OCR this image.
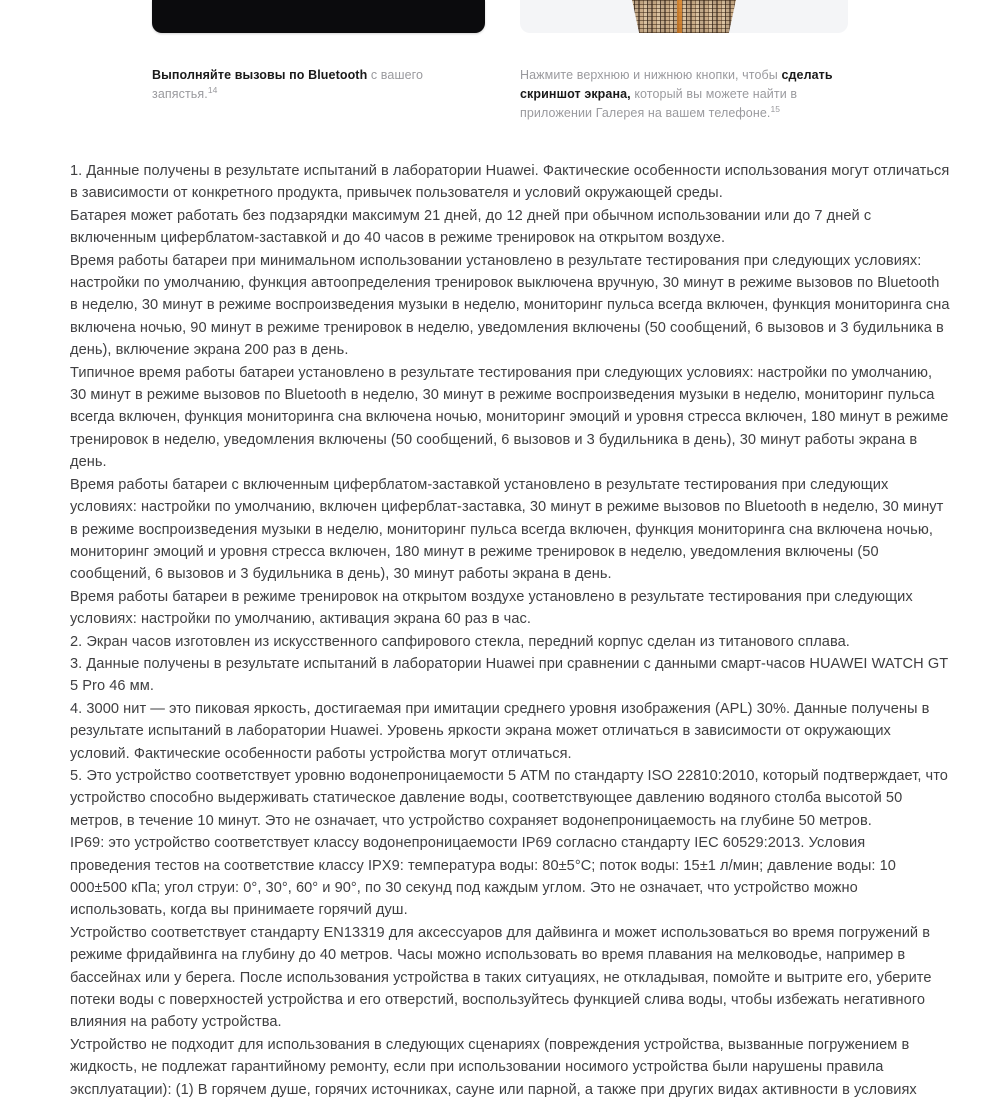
Выполняйте вызовы по Bluetooth с вашего запястья.$^{14}$

Нажмите верхнюю и нижнюю кнопки, чтобы сделать скриншот экрана, который вы можете найти в приложении Галерея на вашем телефоне.$^{15}$

1. Данные получены в результате испытаний в лаборатории Huawei. Фактические особенности использования могут отличаться в зависимости от конкретного продукта, привычек пользователя и условий окружающей среды.

Батарея может работать без подзарядки максимум 21 дней, до 12 дней при обычном использовании или до 7 дней с включенным циферблатом-заставкой и до 40 часов в режиме тренировок на открытом воздухе.

Время работы батареи при минимальном использовании установлено в результате тестирования при следующих условиях: настройки по умолчанию, функция автоопределения тренировок выключена вручную, 30 минут в режиме вызовов по Bluetooth в неделю, 30 минут в режиме воспроизведения музыки в неделю, мониторинг пульса всегда включен, функция мониторинга сна включена ночью, 90 минут в режиме тренировок в неделю, уведомления включены (50 сообщений, 6 вызовов и 3 будильника в день), включение экрана 200 раз в день.

Типичное время работы батареи установлено в результате тестирования при следующих условиях: настройки по умолчанию, 30 минут в режиме вызовов по Bluetooth в неделю, 30 минут в режиме воспроизведения музыки в неделю, мониторинг пульса всегда включен, функция мониторинга сна включена ночью, мониторинг эмоций и уровня стресса включен, 180 минут в режиме тренировок в неделю, уведомления включены (50 сообщений, 6 вызовов и 3 будильника в день), 30 минут работы экрана в день.

Время работы батареи с включенным циферблатом-заставкой установлено в результате тестирования при следующих условиях: настройки по умолчанию, включен циферблат-заставка, 30 минут в режиме вызовов по Bluetooth в неделю, 30 минут в режиме воспроизведения музыки в неделю, мониторинг пульса всегда включен, функция мониторинга сна включена ночью, мониторинг эмоций и уровня стресса включен, 180 минут в режиме тренировок в неделю, уведомления включены (50 сообщений, 6 вызовов и 3 будильника в день), 30 минут работы экрана в день.

Время работы батареи в режиме тренировок на открытом воздухе установлено в результате тестирования при следующих условиях: настройки по умолчанию, активация экрана 60 раз в час.

2. Экран часов изготовлен из искусственного сапфирового стекла, передний корпус сделан из титанового сплава.

3. Данные получены в результате испытаний в лаборатории Huawei при сравнении с данными смарт-часов HUAWEI WATCH GT 5 Pro 46 мм.

4. 3000 нит — это пиковая яркость, достигаемая при имитации среднего уровня изображения (APL) 30%. Данные получены в результате испытаний в лаборатории Huawei. Уровень яркости экрана может отличаться в зависимости от окружающих условий. Фактические особенности работы устройства могут отличаться.

5. Это устройство соответствует уровню водонепроницаемости 5 ATM по стандарту ISO 22810:2010, который подтверждает, что устройство способно выдерживать статическое давление воды, соответствующее давлению водяного столба высотой 50 метров, в течение 10 минут. Это не означает, что устройство сохраняет водонепроницаемость на глубине 50 метров.

IP69: это устройство соответствует классу водонепроницаемости IP69 согласно стандарту IEC 60529:2013. Условия проведения тестов на соответствие классу IPX9: температура воды: 80±5°C; поток воды: 15±1 л/мин; давление воды: 10 000±500 кПа; угол струи: 0°, 30°, 60° и 90°, по 30 секунд под каждым углом. Это не означает, что устройство можно использовать, когда вы принимаете горячий душ.

Устройство соответствует стандарту EN13319 для аксессуаров для дайвинга и может использоваться во время погружений в режиме фридайвинга на глубину до 40 метров. Часы можно использовать во время плавания на мелководье, например в бассейнах или у берега. После использования устройства в таких ситуациях, не откладывая, помойте и вытрите его, уберите потеки воды с поверхностей устройства и его отверстий, воспользуйтесь функцией слива воды, чтобы избежать негативного влияния на работу устройства.

Устройство не подходит для использования в следующих сценариях (повреждения устройства, вызванные погружением в жидкость, не подлежат гарантийному ремонту, если при использовании носимого устройства были нарушены правила эксплуатации): (1) В горячем душе, горячих источниках, сауне или парной, а также при других видах активности в условиях
